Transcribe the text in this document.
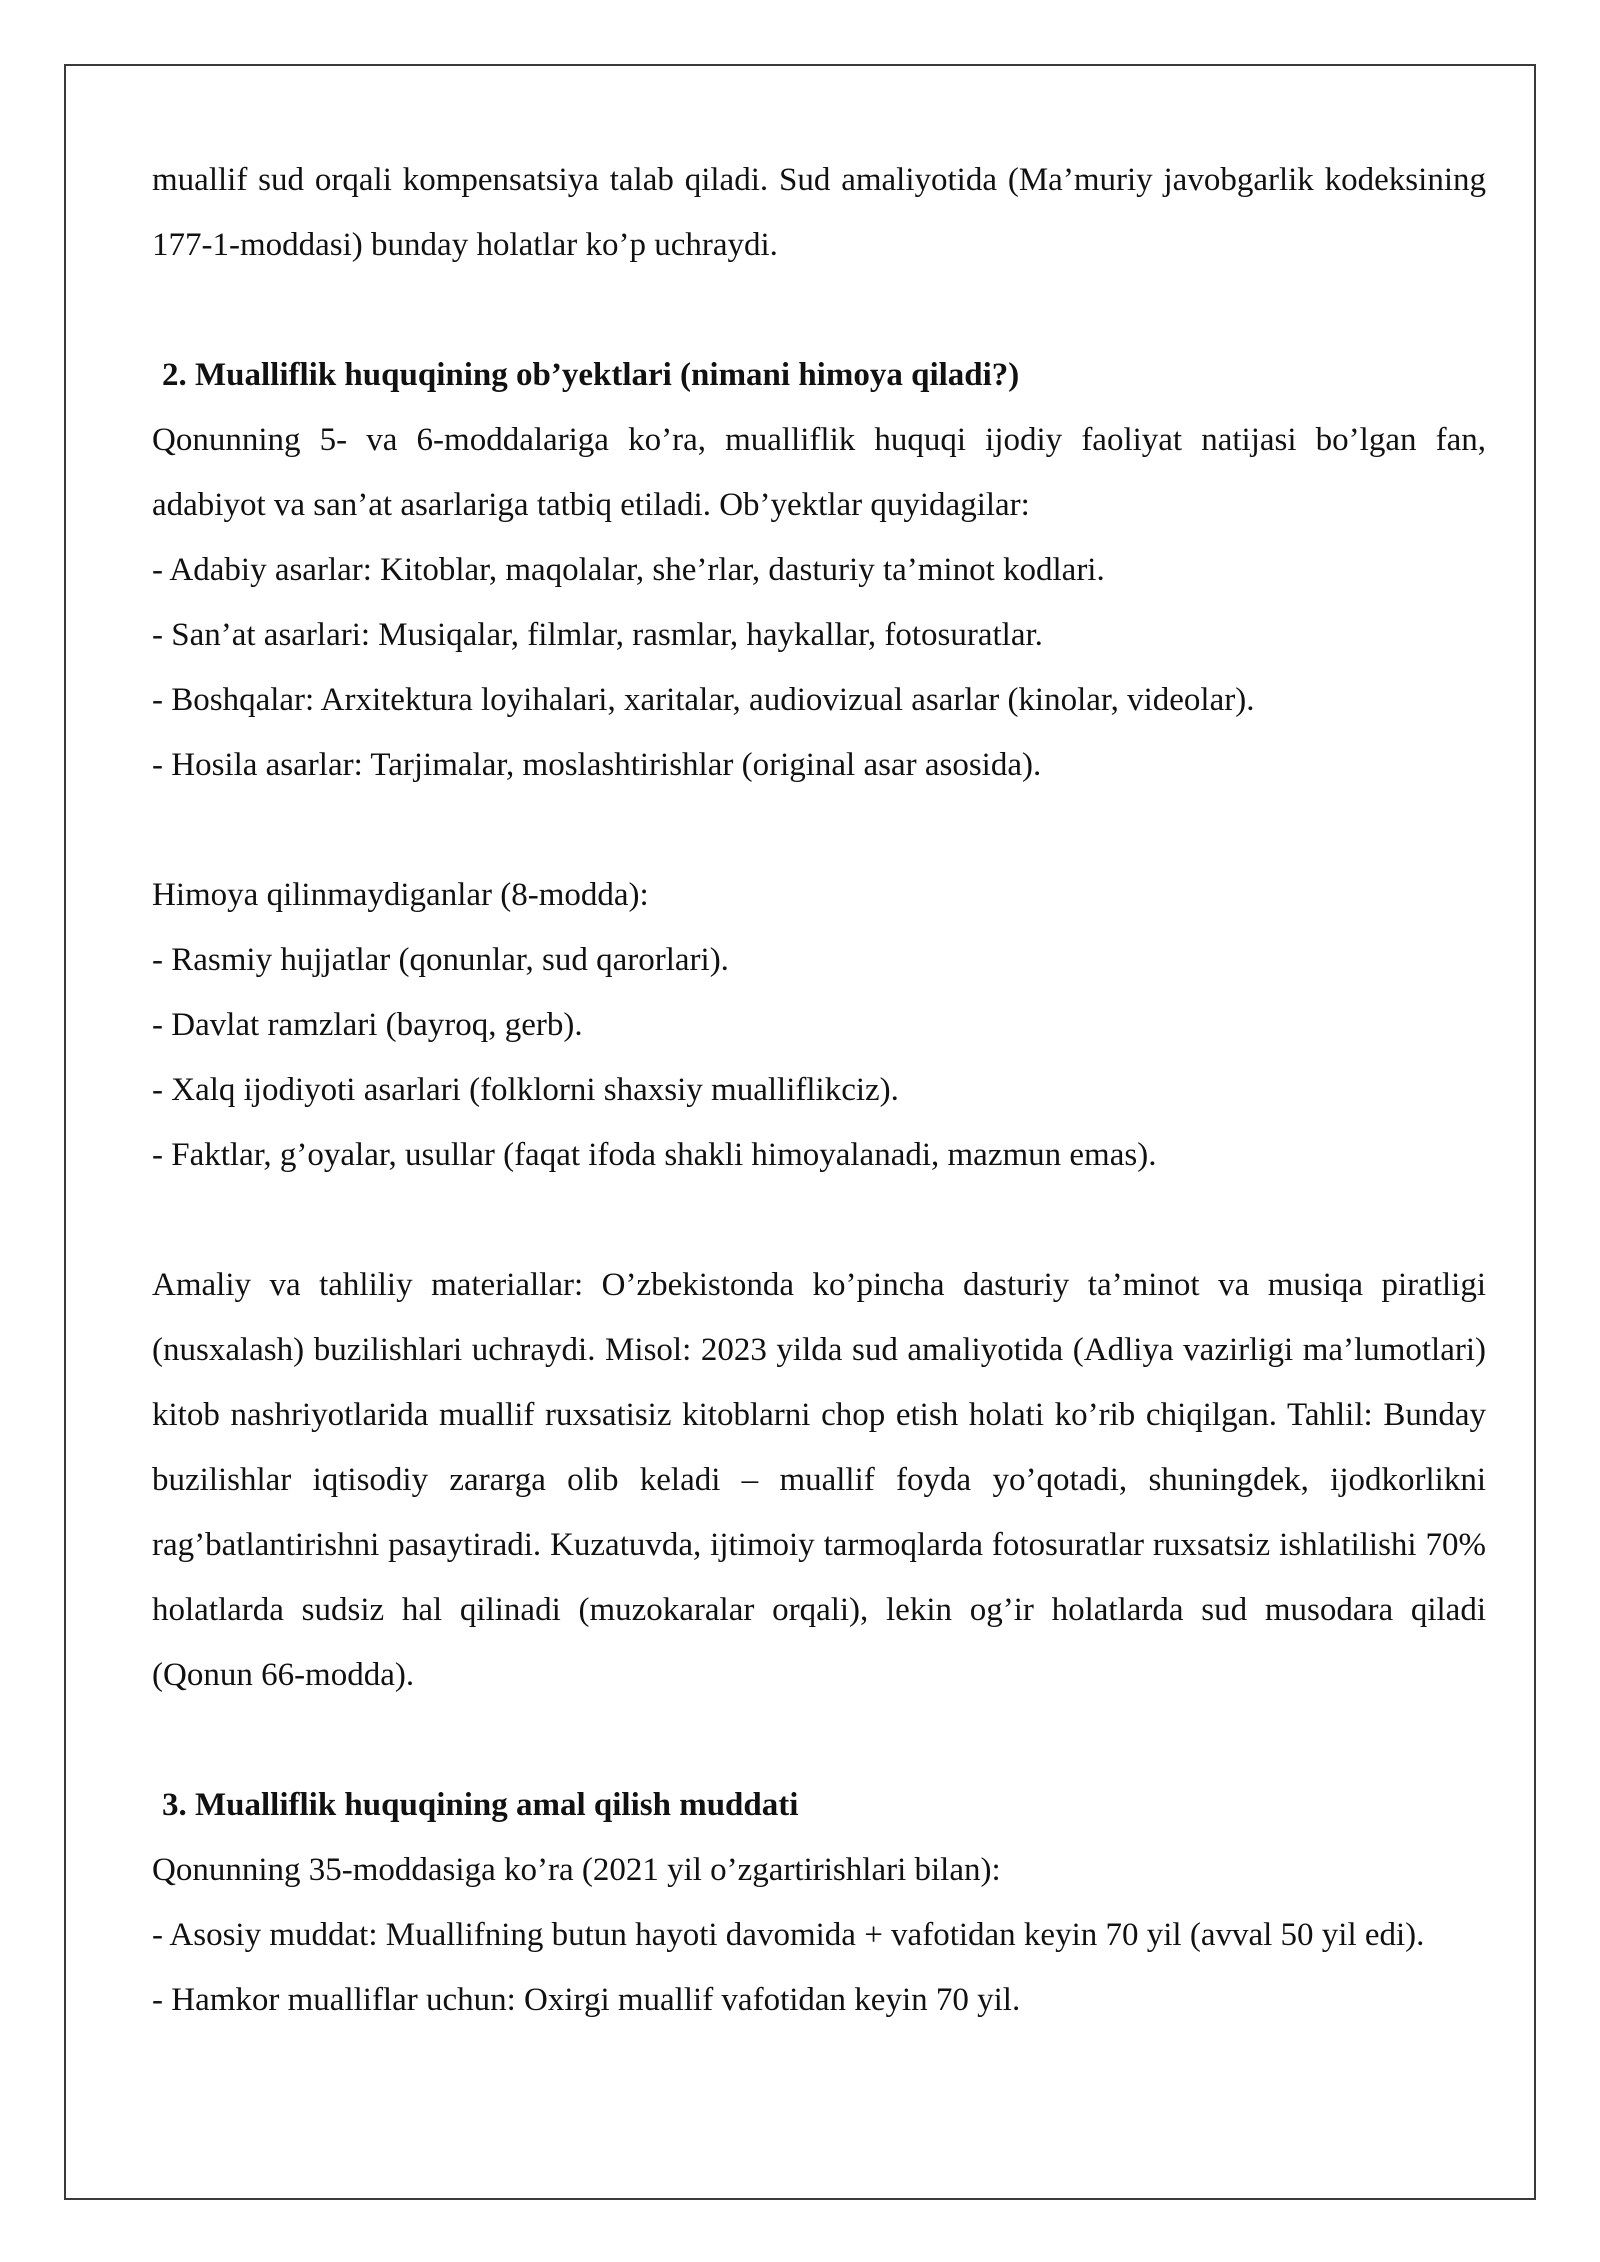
muallif sud orqali kompensatsiya talab qiladi. Sud amaliyotida (Ma’muriy javobgarlik kodeksining 177-1-moddasi) bunday holatlar ko’p uchraydi.

2. Mualliflik huquqining ob’yektlari (nimani himoya qiladi?)

Qonunning 5- va 6-moddalariga ko’ra, mualliflik huquqi ijodiy faoliyat natijasi bo’lgan fan, adabiyot va san’at asarlariga tatbiq etiladi. Ob’yektlar quyidagilar:

- Adabiy asarlar: Kitoblar, maqolalar, she’rlar, dasturiy ta’minot kodlari.

- San’at asarlari: Musiqalar, filmlar, rasmlar, haykallar, fotosuratlar.

- Boshqalar: Arxitektura loyihalari, xaritalar, audiovizual asarlar (kinolar, videolar).

- Hosila asarlar: Tarjimalar, moslashtirishlar (original asar asosida).

Himoya qilinmaydiganlar (8-modda):

- Rasmiy hujjatlar (qonunlar, sud qarorlari).

- Davlat ramzlari (bayroq, gerb).

- Xalq ijodiyoti asarlari (folklorni shaxsiy mualliflikсiz).

- Faktlar, g’oyalar, usullar (faqat ifoda shakli himoyalanadi, mazmun emas).

Amaliy va tahliliy materiallar: O’zbekistonda ko’pincha dasturiy ta’minot va musiqa piratligi (nusxalash) buzilishlari uchraydi. Misol: 2023 yilda sud amaliyotida (Adliya vazirligi ma’lumotlari) kitob nashriyotlarida muallif ruxsatisiz kitoblarni chop etish holati ko’rib chiqilgan. Tahlil: Bunday buzilishlar iqtisodiy zararga olib keladi – muallif foyda yo’qotadi, shuningdek, ijodkorlikni rag’batlantirishni pasaytiradi. Kuzatuvda, ijtimoiy tarmoqlarda fotosuratlar ruxsatsiz ishlatilishi 70% holatlarda sudsiz hal qilinadi (muzokaralar orqali), lekin og’ir holatlarda sud musodara qiladi (Qonun 66-modda).

3. Mualliflik huquqining amal qilish muddati

Qonunning 35-moddasiga ko’ra (2021 yil o’zgartirishlari bilan):

- Asosiy muddat: Muallifning butun hayoti davomida + vafotidan keyin 70 yil (avval 50 yil edi).

- Hamkor mualliflar uchun: Oxirgi muallif vafotidan keyin 70 yil.
